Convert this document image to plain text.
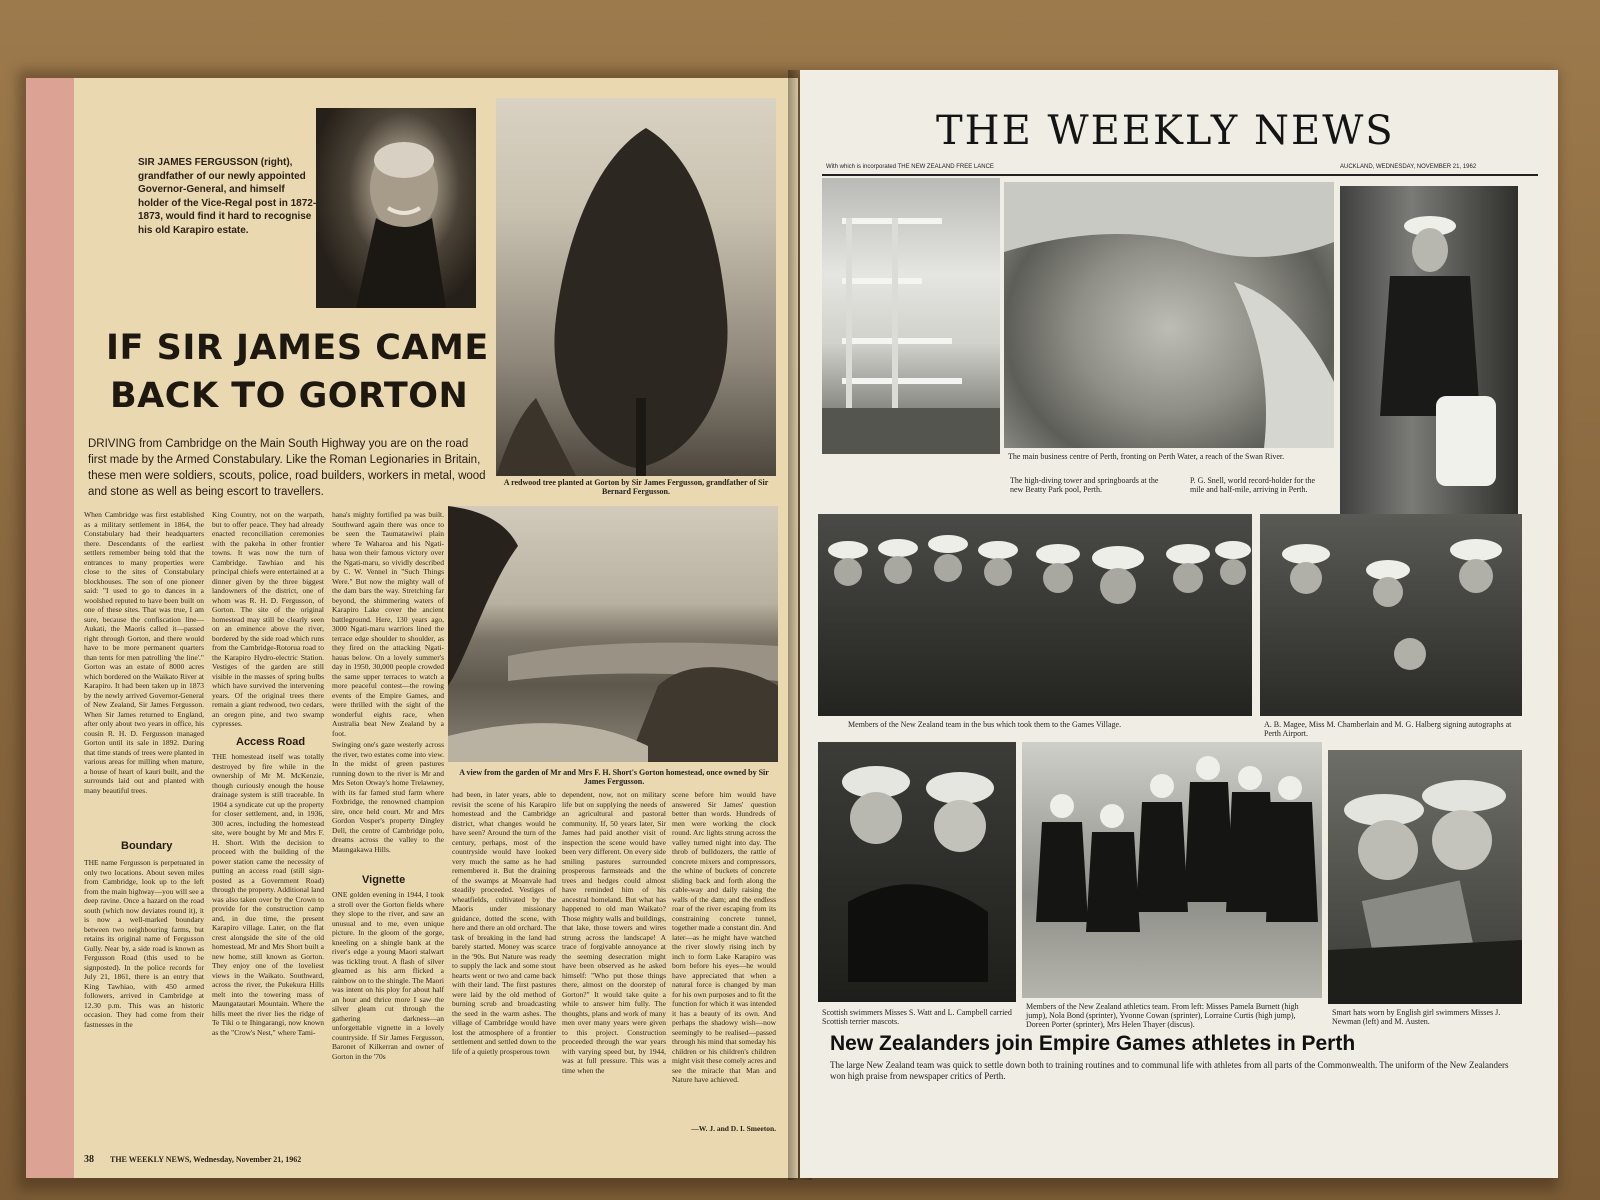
SIR JAMES FERGUSSON (right), grandfather of our newly appointed Governor-General, and himself holder of the Vice-Regal post in 1872-1873, would find it hard to recognise his old Karapiro estate.
IF SIR JAMES CAME
BACK TO GORTON
DRIVING from Cambridge on the Main South Highway you are on the road first made by the Armed Constabulary. Like the Roman Legionaries in Britain, these men were soldiers, scouts, police, road builders, workers in metal, wood and stone as well as being escort to travellers.
A redwood tree planted at Gorton by Sir James Fergusson, grandfather of Sir Bernard Fergusson.
A view from the garden of Mr and Mrs F. H. Short's Gorton homestead, once owned by Sir James Fergusson.
When Cambridge was first established as a military settlement in 1864, the Constabulary had their headquarters there. Descendants of the earliest settlers remember being told that the entrances to many properties were close to the sites of Constabulary blockhouses. The son of one pioneer said: "I used to go to dances in a woolshed reputed to have been built on one of these sites. That was true, I am sure, because the confiscation line—Aukati, the Maoris called it—passed right through Gorton, and there would have to be more permanent quarters than tents for men patrolling 'the line'." Gorton was an estate of 8000 acres which bordered on the Waikato River at Karapiro. It had been taken up in 1873 by the newly arrived Governor-General of New Zealand, Sir James Fergusson. When Sir James returned to England, after only about two years in office, his cousin R. H. D. Fergusson managed Gorton until its sale in 1892. During that time stands of trees were planted in various areas for milling when mature, a house of heart of kauri built, and the surrounds laid out and planted with many beautiful trees.
Boundary
THE name Fergusson is perpetuated in only two locations. About seven miles from Cambridge, look up to the left from the main highway—you will see a deep ravine. Once a hazard on the road south (which now deviates round it), it is now a well-marked boundary between two neighbouring farms, but retains its original name of Fergusson Gully. Near by, a side road is known as Fergusson Road (this used to be signposted). In the police records for July 21, 1861, there is an entry that King Tawhiao, with 450 armed followers, arrived in Cambridge at 12.30 p.m. This was an historic occasion. They had come from their fastnesses in the
King Country, not on the warpath, but to offer peace. They had already enacted reconciliation ceremonies with the pakeha in other frontier towns. It was now the turn of Cambridge. Tawhiao and his principal chiefs were entertained at a dinner given by the three biggest landowners of the district, one of whom was R. H. D. Fergusson, of Gorton. The site of the original homestead may still be clearly seen on an eminence above the river, bordered by the side road which runs from the Cambridge-Rotorua road to the Karapiro Hydro-electric Station. Vestiges of the garden are still visible in the masses of spring bulbs which have survived the intervening years. Of the original trees there remain a giant redwood, two cedars, an oregon pine, and two swamp cypresses.
Access Road
THE homestead itself was totally destroyed by fire while in the ownership of Mr M. McKenzie, though curiously enough the house drainage system is still traceable. In 1904 a syndicate cut up the property for closer settlement, and, in 1936, 300 acres, including the homestead site, were bought by Mr and Mrs F. H. Short. With the decision to proceed with the building of the power station came the necessity of putting an access road (still sign-posted as a Government Road) through the property. Additional land was also taken over by the Crown to provide for the construction camp and, in due time, the present Karapiro village. Later, on the flat crest alongside the site of the old homestead, Mr and Mrs Short built a new home, still known as Gorton. They enjoy one of the loveliest views in the Waikato. Southward, across the river, the Pukekura Hills melt into the towering mass of Maungatautari Mountain. Where the hills meet the river lies the ridge of Te Tiki o te Ihingarangi, now known as the "Crow's Nest," where Tami-
hana's mighty fortified pa was built. Southward again there was once to be seen the Taumatawiwi plain where Te Waharoa and his Ngati-haua won their famous victory over the Ngati-maru, so vividly described by C. W. Vennel in "Such Things Were." But now the mighty wall of the dam bars the way. Stretching far beyond, the shimmering waters of Karapiro Lake cover the ancient battleground. Here, 130 years ago, 3000 Ngati-maru warriors lined the terrace edge shoulder to shoulder, as they fired on the attacking Ngati-hauas below. On a lovely summer's day in 1950, 30,000 people crowded the same upper terraces to watch a more peaceful contest—the rowing events of the Empire Games, and were thrilled with the sight of the wonderful eights race, when Australia beat New Zealand by a foot.
Swinging one's gaze westerly across the river, two estates come into view. In the midst of green pastures running down to the river is Mr and Mrs Seton Otway's home Trelawney, with its far famed stud farm where Foxbridge, the renowned champion sire, once held court. Mr and Mrs Gordon Vosper's property Dingley Dell, the centre of Cambridge polo, dreams across the valley to the Maungakawa Hills.
Vignette
ONE golden evening in 1944, I took a stroll over the Gorton fields where they slope to the river, and saw an unusual and to me, even unique picture. In the gloom of the gorge, kneeling on a shingle bank at the river's edge a young Maori stalwart was tickling trout. A flash of silver gleamed as his arm flicked a rainbow on to the shingle. The Maori was intent on his ploy for about half an hour and thrice more I saw the silver gleam cut through the gathering darkness—an unforgettable vignette in a lovely countryside. If Sir James Fergusson, Baronet of Kilkerran and owner of Gorton in the '70s
had been, in later years, able to revisit the scene of his Karapiro homestead and the Cambridge district, what changes would he have seen? Around the turn of the century, perhaps, most of the countryside would have looked very much the same as he had remembered it. But the draining of the swamps at Moanvale had steadily proceeded. Vestiges of wheatfields, cultivated by the Maoris under missionary guidance, dotted the scene, with here and there an old orchard. The task of breaking in the land had barely started. Money was scarce in the '90s. But Nature was ready to supply the lack and some stout hearts went or two and came back with their land. The first pastures were laid by the old method of burning scrub and broadcasting the seed in the warm ashes. The village of Cambridge would have lost the atmosphere of a frontier settlement and settled down to the life of a quietly prosperous town
dependent, now, not on military life but on supplying the needs of an agricultural and pastoral community. If, 50 years later, Sir James had paid another visit of inspection the scene would have been very different. On every side smiling pastures surrounded prosperous farmsteads and the trees and hedges could almost have reminded him of his ancestral homeland. But what has happened to old man Waikato? Those mighty walls and buildings, that lake, those towers and wires strung across the landscape! A trace of forgivable annoyance at the seeming desecration might have been observed as he asked himself: "Who put those things there, almost on the doorstep of Gorton?" It would take quite a while to answer him fully. The thoughts, plans and work of many men over many years were given to this project. Construction proceeded through the war years with varying speed but, by 1944, was at full pressure. This was a time when the
scene before him would have answered Sir James' question better than words. Hundreds of men were working the clock round. Arc lights strung across the valley turned night into day. The throb of bulldozers, the rattle of concrete mixers and compressors, the whine of buckets of concrete sliding back and forth along the cable-way and daily raising the walls of the dam; and the endless roar of the river escaping from its constraining concrete tunnel, together made a constant din. And later—as he might have watched the river slowly rising inch by inch to form Lake Karapiro was born before his eyes—he would have appreciated that when a natural force is changed by man for his own purposes and to fit the function for which it was intended it has a beauty of its own. And perhaps the shadowy wish—now seemingly to be realised—passed through his mind that someday his children or his children's children might visit these comely acres and see the miracle that Man and Nature have achieved.
—W. J. and D. I. Smeeton.
38 THE WEEKLY NEWS, Wednesday, November 21, 1962
THE WEEKLY NEWS
With which is incorporated THE NEW ZEALAND FREE LANCE	AUCKLAND, WEDNESDAY, NOVEMBER 21, 1962
The main business centre of Perth, fronting on Perth Water, a reach of the Swan River.
The high-diving tower and springboards at the new Beatty Park pool, Perth.
P. G. Snell, world record-holder for the mile and half-mile, arriving in Perth.
Members of the New Zealand team in the bus which took them to the Games Village.	A. B. Magee, Miss M. Chamberlain and M. G. Halberg signing autographs at Perth Airport.
Scottish swimmers Misses S. Watt and L. Campbell carried Scottish terrier mascots.
Members of the New Zealand athletics team. From left: Misses Pamela Burnett (high jump), Nola Bond (sprinter), Yvonne Cowan (sprinter), Lorraine Curtis (high jump), Doreen Porter (sprinter), Mrs Helen Thayer (discus).
Smart hats worn by English girl swimmers Misses J. Newman (left) and M. Austen.
New Zealanders join Empire Games athletes in Perth
The large New Zealand team was quick to settle down both to training routines and to communal life with athletes from all parts of the Commonwealth. The uniform of the New Zealanders won high praise from newspaper critics of Perth.
